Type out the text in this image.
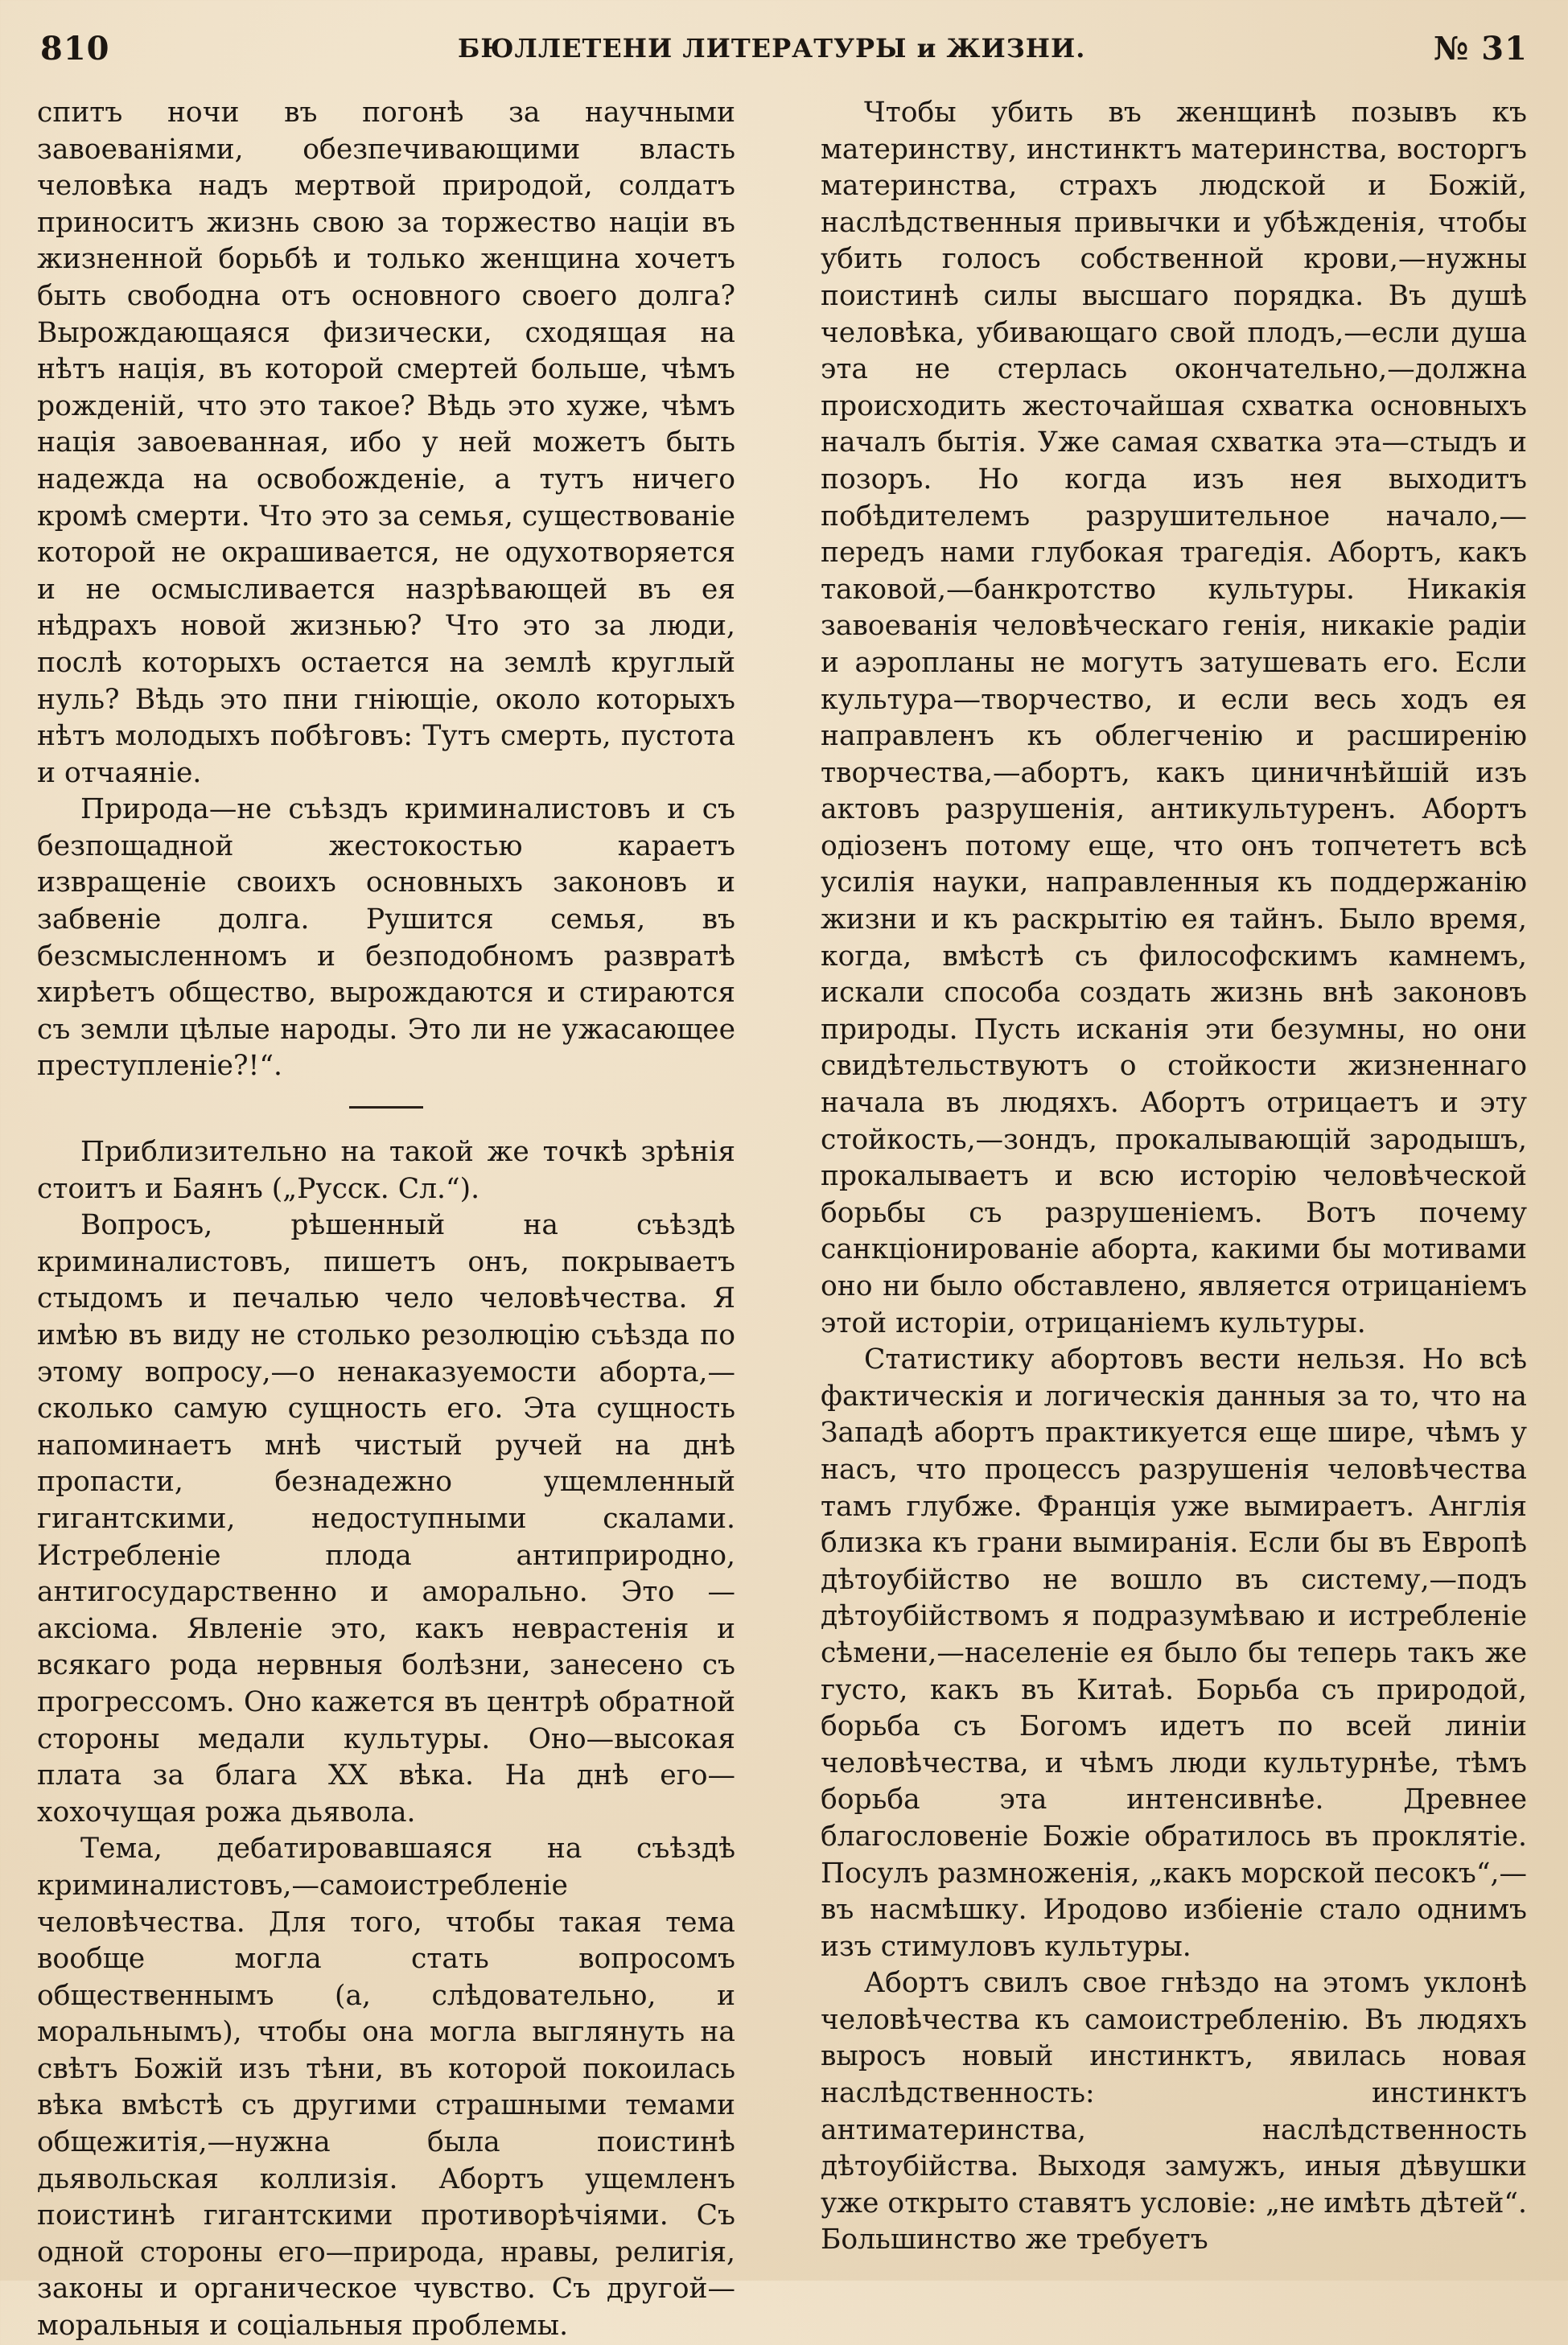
810	БЮЛЛЕТЕНИ ЛИТЕРАТУРЫ и ЖИЗНИ.	№ 31

спитъ ночи въ погонѣ за научными завоеваніями, обезпечивающими власть человѣка надъ мертвой природой, солдатъ приноситъ жизнь свою за торжество націи въ жизненной борьбѣ и только женщина хочетъ быть свободна отъ основного своего долга? Вырождающаяся физически, сходящая на нѣтъ нація, въ которой смертей больше, чѣмъ рожденій, что это такое? Вѣдь это хуже, чѣмъ нація завоеванная, ибо у ней можетъ быть надежда на освобожденіе, а тутъ ничего кромѣ смерти. Что это за семья, существованіе которой не окрашивается, не одухотворяется и не осмысливается назрѣвающей въ ея нѣдрахъ новой жизнью? Что это за люди, послѣ которыхъ остается на землѣ круглый нуль? Вѣдь это пни гніющіе, около которыхъ нѣтъ молодыхъ побѣговъ: Тутъ смерть, пустота и отчаяніе.

Природа—не съѣздъ криминалистовъ и съ безпощадной жестокостью караетъ извращеніе своихъ основныхъ законовъ и забвеніе долга. Рушится семья, въ безсмысленномъ и безподобномъ развратѣ хирѣетъ общество, вырождаются и стираются съ земли цѣлые народы. Это ли не ужасающее преступленіе?!“.

Приблизительно на такой же точкѣ зрѣнія стоитъ и Баянъ („Русск. Сл.“).

Вопросъ, рѣшенный на съѣздѣ криминалистовъ, пишетъ онъ, покрываетъ стыдомъ и печалью чело человѣчества. Я имѣю въ виду не столько резолюцію съѣзда по этому вопросу,—о ненаказуемости аборта,—сколько самую сущность его. Эта сущность напоминаетъ мнѣ чистый ручей на днѣ пропасти, безнадежно ущемленный гигантскими, недоступными скалами. Истребленіе плода антиприродно, антигосударственно и аморально. Это — аксіома. Явленіе это, какъ неврастенія и всякаго рода нервныя болѣзни, занесено съ прогрессомъ. Оно кажется въ центрѣ обратной стороны медали культуры. Оно—высокая плата за блага XX вѣка. На днѣ его—хохочущая рожа дьявола.

Тема, дебатировавшаяся на съѣздѣ криминалистовъ,—самоистребленіе человѣчества. Для того, чтобы такая тема вообще могла стать вопросомъ общественнымъ (а, слѣдовательно, и моральнымъ), чтобы она могла выглянуть на свѣтъ Божій изъ тѣни, въ которой покоилась вѣка вмѣстѣ съ другими страшными темами общежитія,—нужна была поистинѣ дьявольская коллизія. Абортъ ущемленъ поистинѣ гигантскими противорѣчіями. Съ одной стороны его—природа, нравы, религія, законы и органическое чувство. Съ другой—моральныя и соціальныя проблемы.

Чтобы убить въ женщинѣ позывъ къ материнству, инстинктъ материнства, восторгъ материнства, страхъ людской и Божій, наслѣдственныя привычки и убѣжденія, чтобы убить голосъ собственной крови,—нужны поистинѣ силы высшаго порядка. Въ душѣ человѣка, убивающаго свой плодъ,—если душа эта не стерлась окончательно,—должна происходить жесточайшая схватка основныхъ началъ бытія. Уже самая схватка эта—стыдъ и позоръ. Но когда изъ нея выходитъ побѣдителемъ разрушительное начало,—передъ нами глубокая трагедія. Абортъ, какъ таковой,—банкротство культуры. Никакія завоеванія человѣческаго генія, никакіе радіи и аэропланы не могутъ затушевать его. Если культура—творчество, и если весь ходъ ея направленъ къ облегченію и расширенію творчества,—абортъ, какъ циничнѣйшій изъ актовъ разрушенія, антикультуренъ. Абортъ одіозенъ потому еще, что онъ топчететъ всѣ усилія науки, направленныя къ поддержанію жизни и къ раскрытію ея тайнъ. Было время, когда, вмѣстѣ съ философскимъ камнемъ, искали способа создать жизнь внѣ законовъ природы. Пусть исканія эти безумны, но они свидѣтельствуютъ о стойкости жизненнаго начала въ людяхъ. Абортъ отрицаетъ и эту стойкость,—зондъ, прокалывающій зародышъ, прокалываетъ и всю исторію человѣческой борьбы съ разрушеніемъ. Вотъ почему санкціонированіе аборта, какими бы мотивами оно ни было обставлено, является отрицаніемъ этой исторіи, отрицаніемъ культуры.

Статистику абортовъ вести нельзя. Но всѣ фактическія и логическія данныя за то, что на Западѣ абортъ практикуется еще шире, чѣмъ у насъ, что процессъ разрушенія человѣчества тамъ глубже. Франція уже вымираетъ. Англія близка къ грани вымиранія. Если бы въ Европѣ дѣтоубійство не вошло въ систему,—подъ дѣтоубійствомъ я подразумѣваю и истребленіе сѣмени,—населеніе ея было бы теперь такъ же густо, какъ въ Китаѣ. Борьба съ природой, борьба съ Богомъ идетъ по всей линіи человѣчества, и чѣмъ люди культурнѣе, тѣмъ борьба эта интенсивнѣе. Древнее благословеніе Божіе обратилось въ проклятіе. Посулъ размноженія, „какъ морской песокъ“,—въ насмѣшку. Иродово избіеніе стало однимъ изъ стимуловъ культуры.

Абортъ свилъ свое гнѣздо на этомъ уклонѣ человѣчества къ самоистребленію. Въ людяхъ выросъ новый инстинктъ, явилась новая наслѣдственность: инстинктъ антиматеринства, наслѣдственность дѣтоубійства. Выходя замужъ, иныя дѣвушки уже открыто ставятъ условіе: „не имѣть дѣтей“. Большинство же требуетъ
